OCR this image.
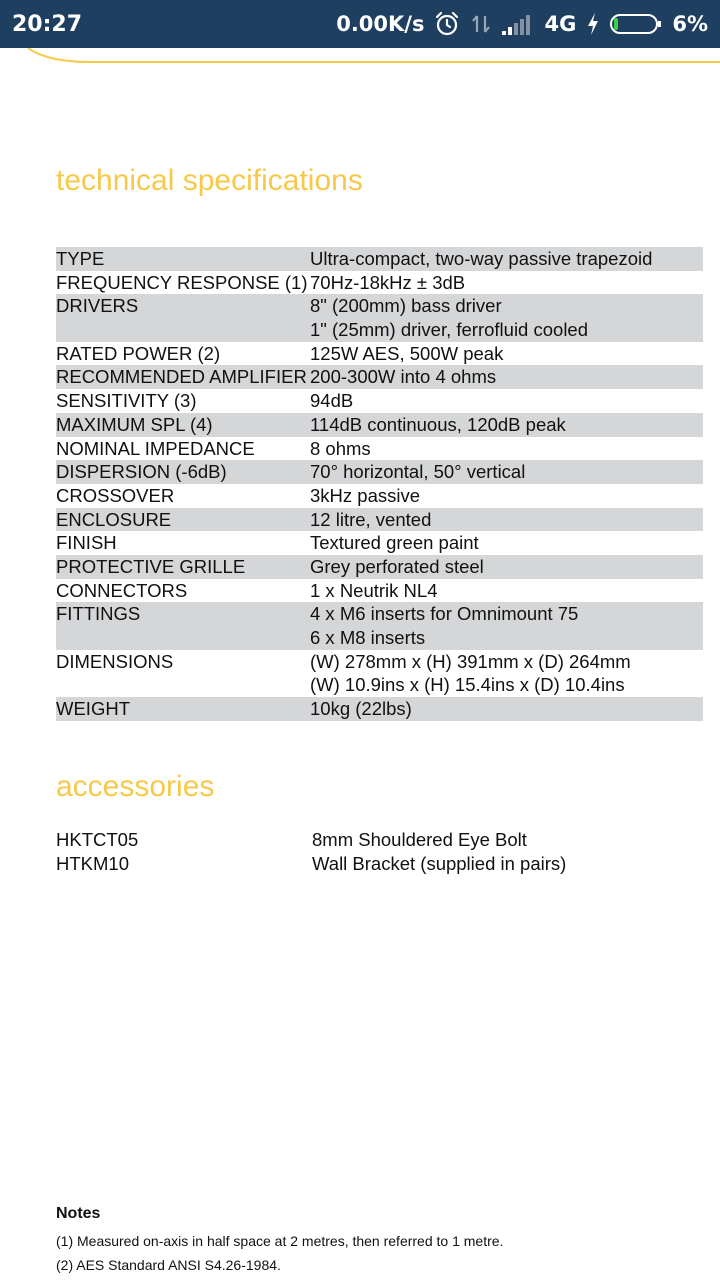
20:27	0.00K/s	4G	6%
technical specifications
TYPE	Ultra-compact, two-way passive trapezoid
FREQUENCY RESPONSE (1) 70Hz-18kHz ± 3dB
DRIVERS	8" (200mm) bass driver
1" (25mm) driver, ferrofluid cooled
RATED POWER (2)	125W AES, 500W peak
RECOMMENDED AMPLIFIER 200-300W into 4 ohms
SENSITIVITY (3)	94dB
MAXIMUM SPL (4)	114dB continuous, 120dB peak
NOMINAL IMPEDANCE	8 ohms
DISPERSION (-6dB)	70° horizontal, 50° vertical
CROSSOVER	3kHz passive
ENCLOSURE	12 litre, vented
FINISH	Textured green paint
PROTECTIVE GRILLE	Grey perforated steel
CONNECTORS	1 x Neutrik NL4
FITTINGS	4 x M6 inserts for Omnimount 75
6 x M8 inserts
DIMENSIONS	(W) 278mm x (H) 391mm x (D) 264mm
(W) 10.9ins x (H) 15.4ins x (D) 10.4ins
WEIGHT	10kg (22lbs)
accessories
HKTCT05	8mm Shouldered Eye Bolt
HTKM10	Wall Bracket (supplied in pairs)
Notes
(1) Measured on-axis in half space at 2 metres, then referred to 1 metre.
(2) AES Standard ANSI S4.26-1984.
